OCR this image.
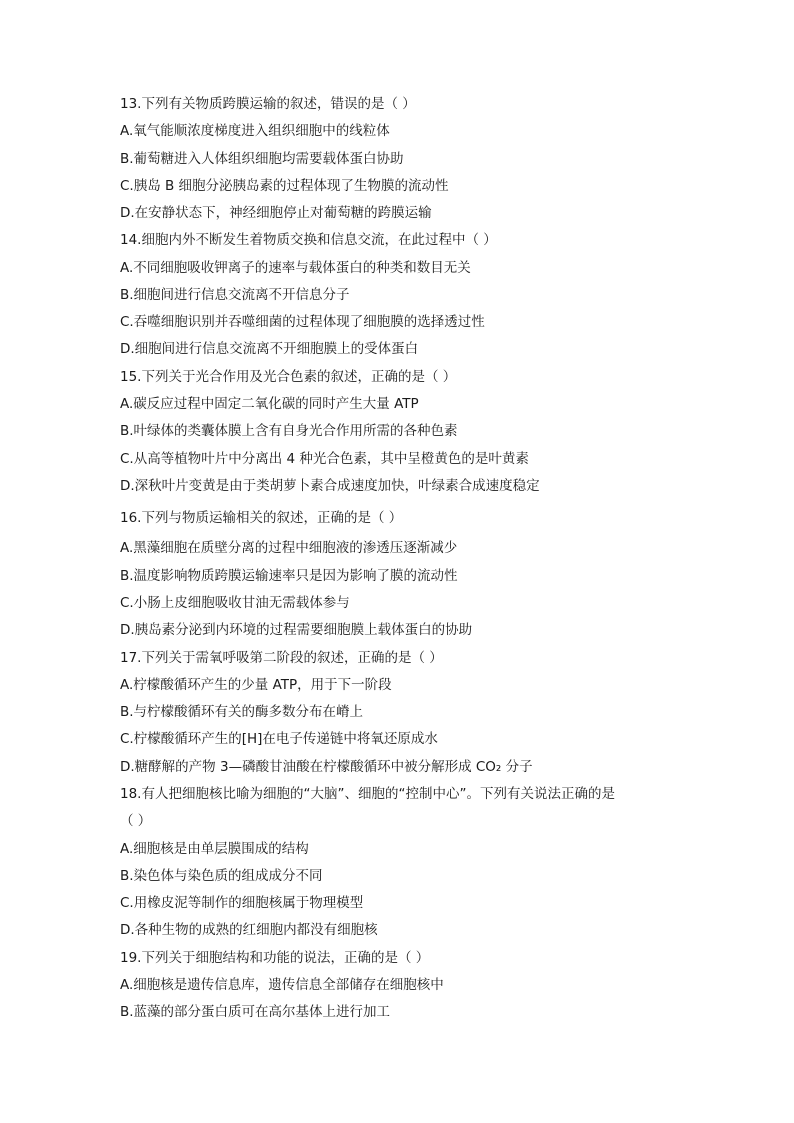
13.下列有关物质跨膜运输的叙述，错误的是（ ）
A.氧气能顺浓度梯度进入组织细胞中的线粒体
B.葡萄糖进入人体组织细胞均需要载体蛋白协助
C.胰岛 B 细胞分泌胰岛素的过程体现了生物膜的流动性
D.在安静状态下，神经细胞停止对葡萄糖的跨膜运输
14.细胞内外不断发生着物质交换和信息交流，在此过程中（ ）
A.不同细胞吸收钾离子的速率与载体蛋白的种类和数目无关
B.细胞间进行信息交流离不开信息分子
C.吞噬细胞识别并吞噬细菌的过程体现了细胞膜的选择透过性
D.细胞间进行信息交流离不开细胞膜上的受体蛋白
15.下列关于光合作用及光合色素的叙述，正确的是（ ）
A.碳反应过程中固定二氧化碳的同时产生大量 ATP
B.叶绿体的类囊体膜上含有自身光合作用所需的各种色素
C.从高等植物叶片中分离出 4 种光合色素，其中呈橙黄色的是叶黄素
D.深秋叶片变黄是由于类胡萝卜素合成速度加快，叶绿素合成速度稳定
16.下列与物质运输相关的叙述，正确的是（ ）
A.黑藻细胞在质壁分离的过程中细胞液的渗透压逐渐减少
B.温度影响物质跨膜运输速率只是因为影响了膜的流动性
C.小肠上皮细胞吸收甘油无需载体参与
D.胰岛素分泌到内环境的过程需要细胞膜上载体蛋白的协助
17.下列关于需氧呼吸第二阶段的叙述，正确的是（ ）
A.柠檬酸循环产生的少量 ATP，用于下一阶段
B.与柠檬酸循环有关的酶多数分布在嵴上
C.柠檬酸循环产生的[H]在电子传递链中将氧还原成水
D.糖酵解的产物 3—磷酸甘油酸在柠檬酸循环中被分解形成 CO₂ 分子
18.有人把细胞核比喻为细胞的“大脑”、细胞的“控制中心”。下列有关说法正确的是
（ ）
A.细胞核是由单层膜围成的结构
B.染色体与染色质的组成成分不同
C.用橡皮泥等制作的细胞核属于物理模型
D.各种生物的成熟的红细胞内都没有细胞核
19.下列关于细胞结构和功能的说法，正确的是（ ）
A.细胞核是遗传信息库，遗传信息全部储存在细胞核中
B.蓝藻的部分蛋白质可在高尔基体上进行加工
